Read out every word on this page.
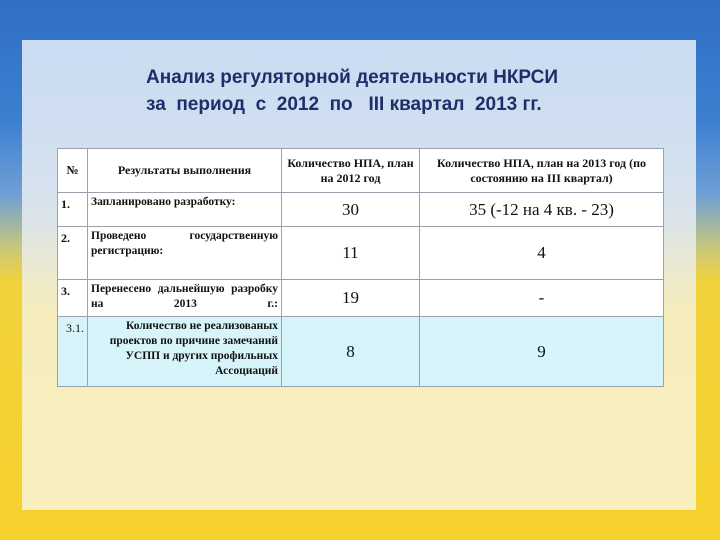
Анализ регуляторной деятельности НКРСИ
за  период  с  2012  по   III квартал  2013 гг.
№	Результаты выполнения	Количество НПА, план на 2012 год	Количество НПА, план на 2013 год (по состоянию на III квартал)
1.	Запланировано разработку:	30	35 (-12 на 4 кв. - 23)
2.	Проведено государственную регистрацию:	11	4
3.	Перенесено дальнейшую разробку на 2013 г.:	19	-
3.1.	Количество не реализованых проектов по причине замечаний УСПП и других профильных Ассоциаций	8	9
